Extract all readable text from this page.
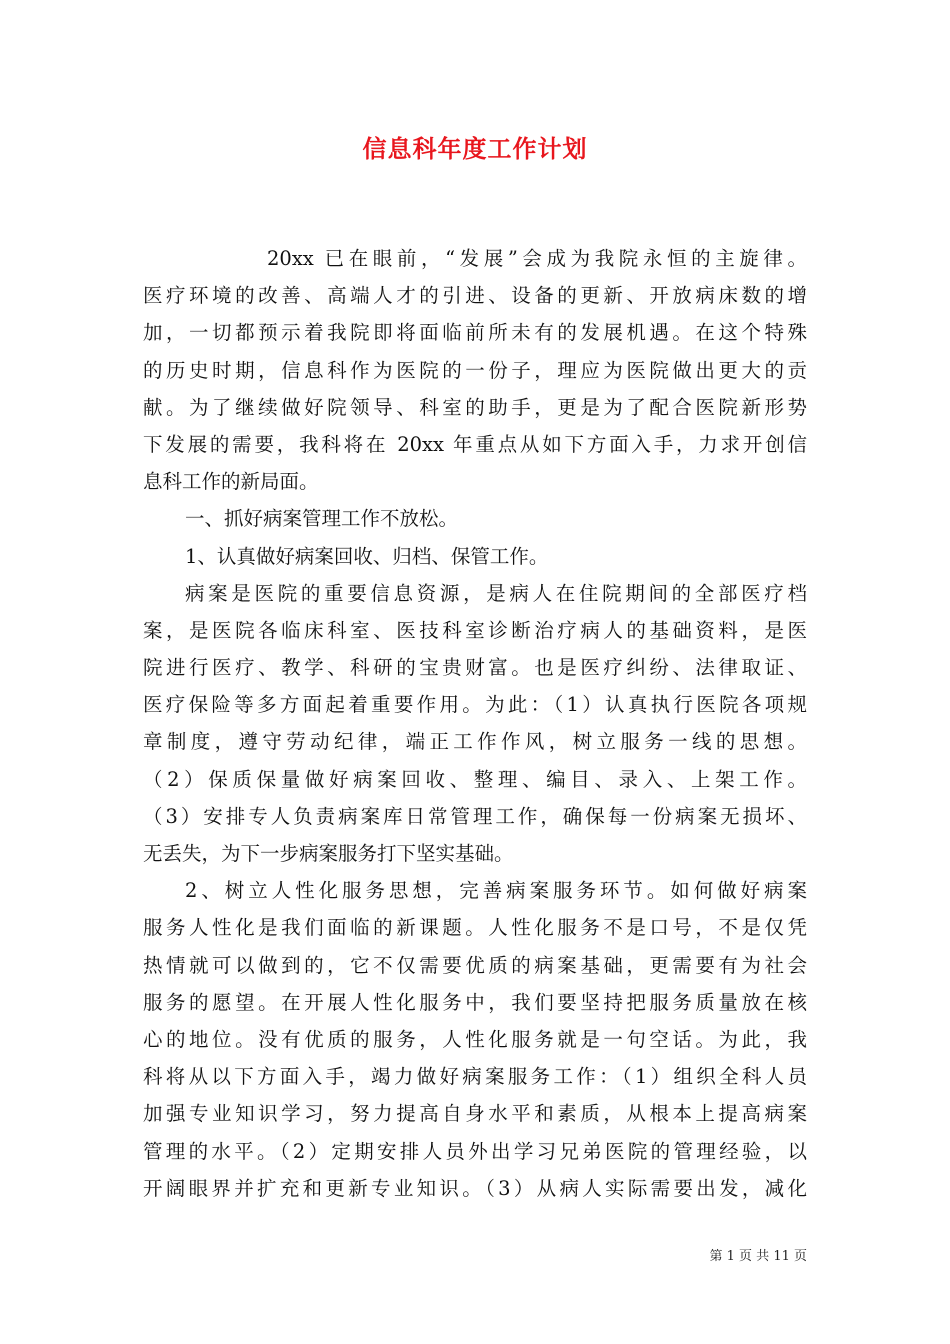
信息科年度工作计划
20xx 已在眼前，“发展”会成为我院永恒的主旋律。
医疗环境的改善、高端人才的引进、设备的更新、开放病床数的增
加，一切都预示着我院即将面临前所未有的发展机遇。在这个特殊
的历史时期，信息科作为医院的一份子，理应为医院做出更大的贡
献。为了继续做好院领导、科室的助手，更是为了配合医院新形势
下发展的需要，我科将在 20xx 年重点从如下方面入手，力求开创信
息科工作的新局面。
一、抓好病案管理工作不放松。
1、认真做好病案回收、归档、保管工作。
病案是医院的重要信息资源，是病人在住院期间的全部医疗档
案，是医院各临床科室、医技科室诊断治疗病人的基础资料，是医
院进行医疗、教学、科研的宝贵财富。也是医疗纠纷、法律取证、
医疗保险等多方面起着重要作用。为此：（1）认真执行医院各项规
章制度，遵守劳动纪律，端正工作作风，树立服务一线的思想。
（2）保质保量做好病案回收、整理、编目、录入、上架工作。
（3）安排专人负责病案库日常管理工作，确保每一份病案无损坏、
无丢失，为下一步病案服务打下坚实基础。
2、树立人性化服务思想，完善病案服务环节。如何做好病案
服务人性化是我们面临的新课题。人性化服务不是口号，不是仅凭
热情就可以做到的，它不仅需要优质的病案基础，更需要有为社会
服务的愿望。在开展人性化服务中，我们要坚持把服务质量放在核
心的地位。没有优质的服务，人性化服务就是一句空话。为此，我
科将从以下方面入手，竭力做好病案服务工作：（1）组织全科人员
加强专业知识学习，努力提高自身水平和素质，从根本上提高病案
管理的水平。（2）定期安排人员外出学习兄弟医院的管理经验，以
开阔眼界并扩充和更新专业知识。（3）从病人实际需要出发，减化
第 1 页 共 11 页
